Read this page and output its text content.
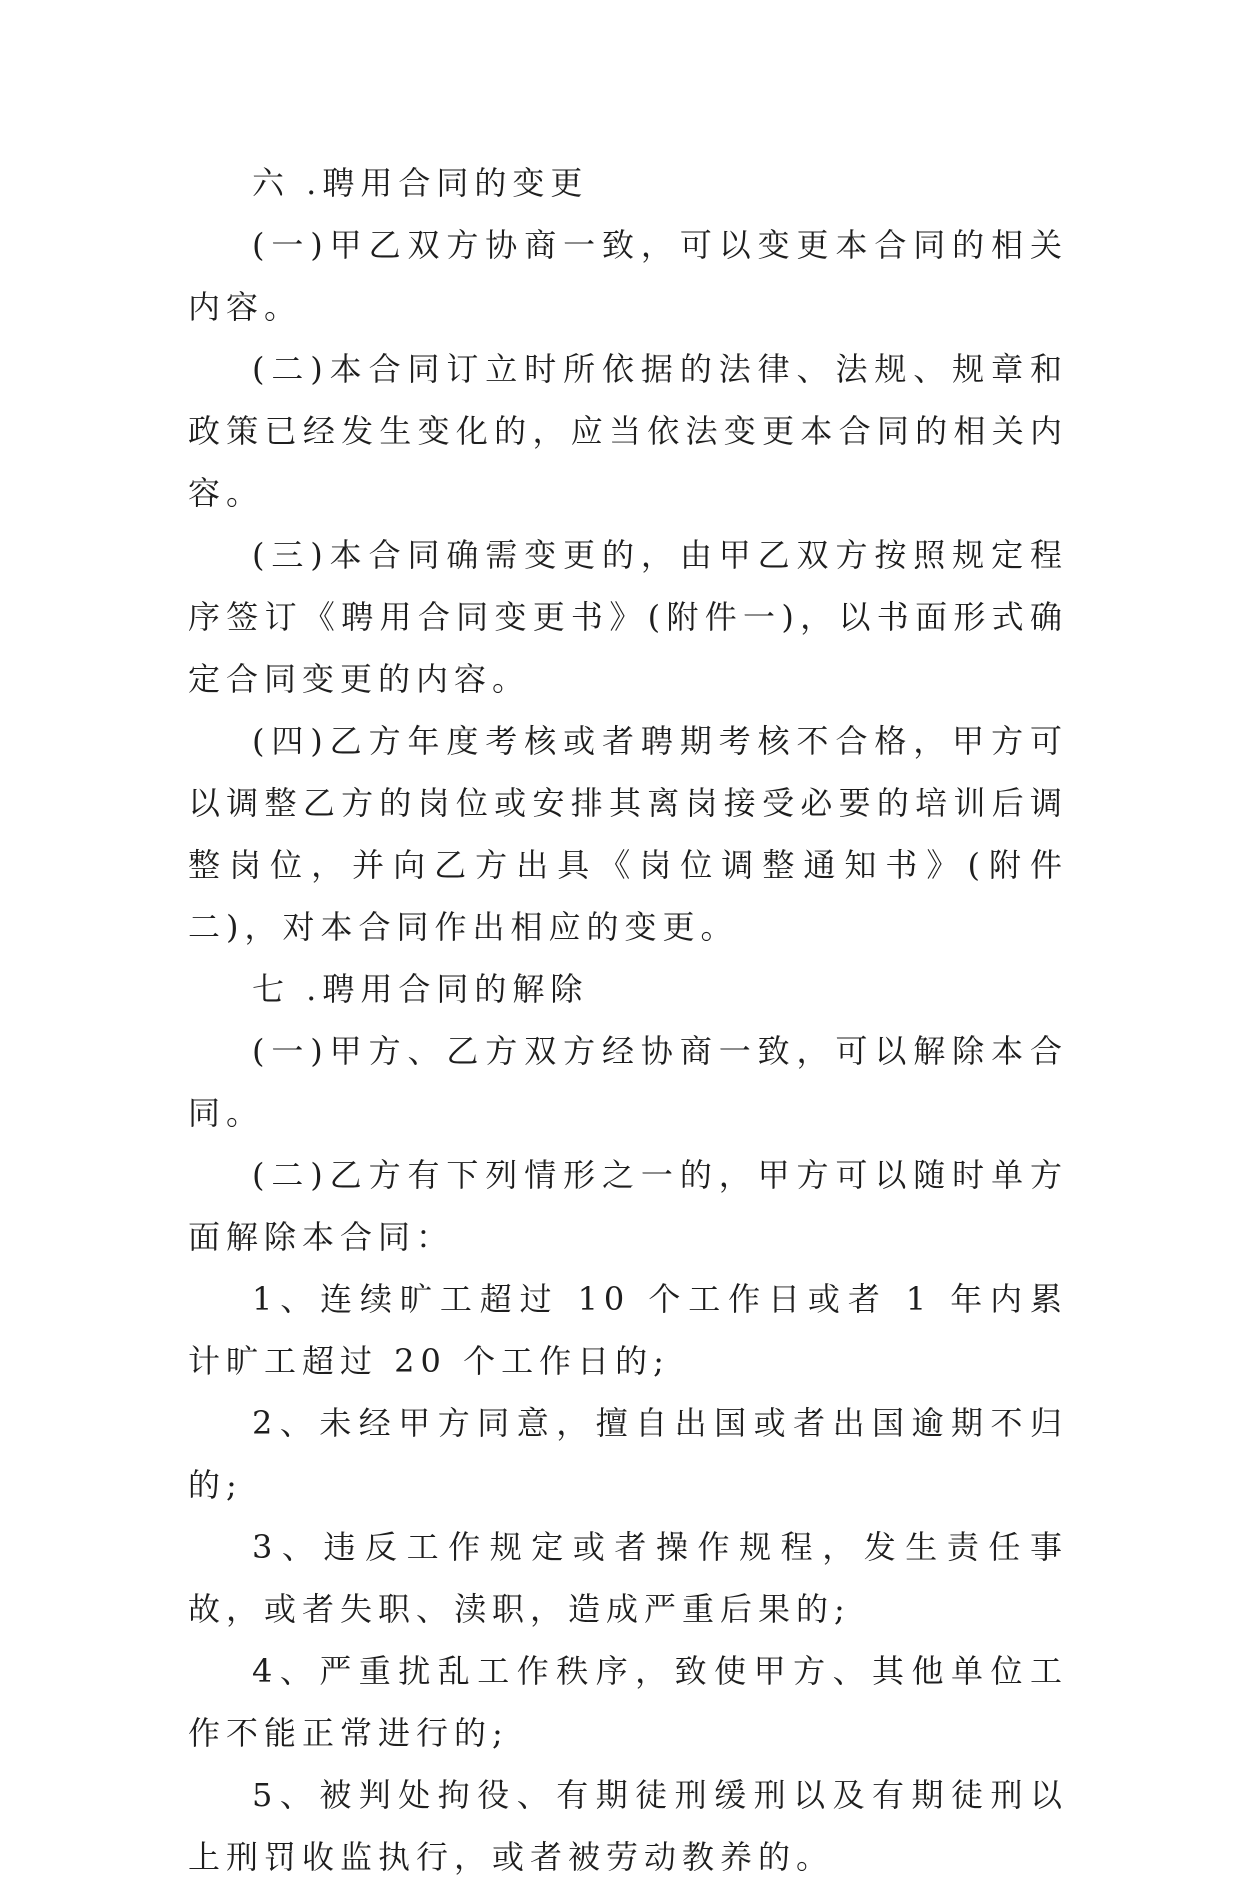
六 .聘用合同的变更

(一)甲乙双方协商一致，可以变更本合同的相关内容。

(二)本合同订立时所依据的法律、法规、规章和政策已经发生变化的，应当依法变更本合同的相关内容。

(三)本合同确需变更的，由甲乙双方按照规定程序签订《聘用合同变更书》(附件一)，以书面形式确定合同变更的内容。

(四)乙方年度考核或者聘期考核不合格，甲方可以调整乙方的岗位或安排其离岗接受必要的培训后调整岗位，并向乙方出具《岗位调整通知书》(附件二)，对本合同作出相应的变更。

七 .聘用合同的解除

(一)甲方、乙方双方经协商一致，可以解除本合同。

(二)乙方有下列情形之一的，甲方可以随时单方面解除本合同：

1、连续旷工超过 10 个工作日或者 1 年内累计旷工超过 20 个工作日的;

2、未经甲方同意，擅自出国或者出国逾期不归的;

3、违反工作规定或者操作规程，发生责任事故，或者失职、渎职，造成严重后果的;

4、严重扰乱工作秩序，致使甲方、其他单位工作不能正常进行的;

5、被判处拘役、有期徒刑缓刑以及有期徒刑以上刑罚收监执行，或者被劳动教养的。
